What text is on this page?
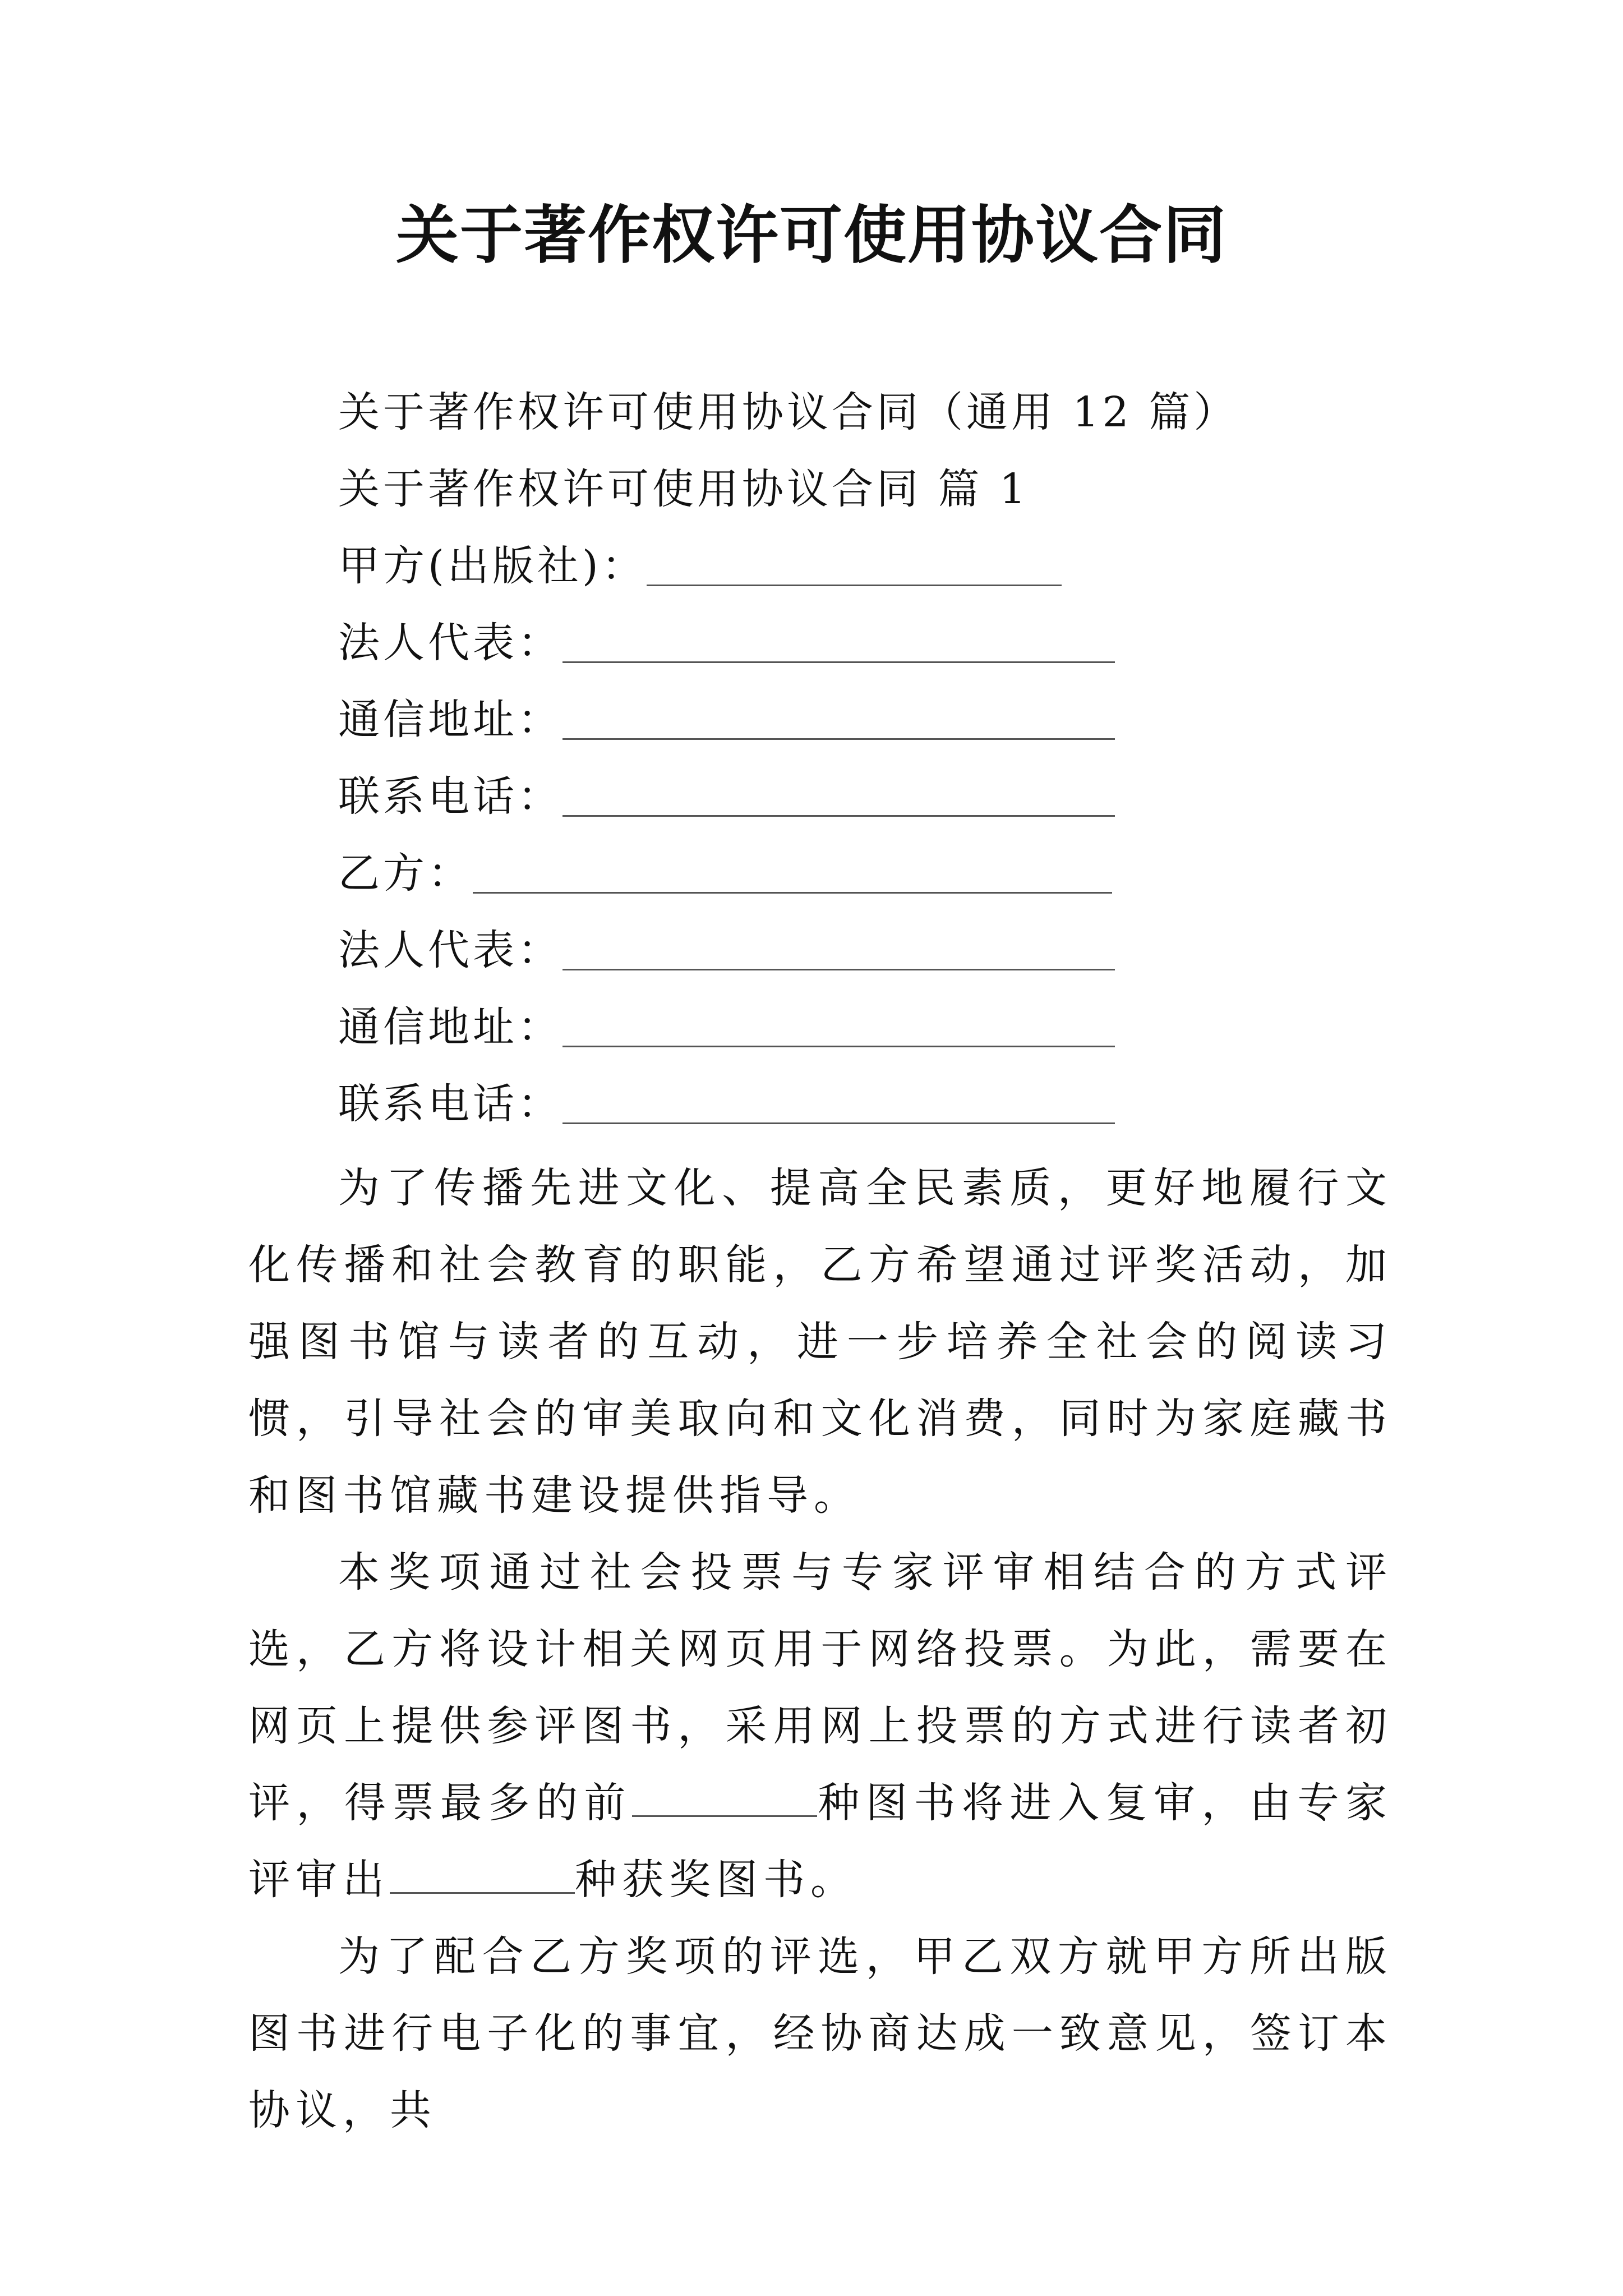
关于著作权许可使用协议合同
关于著作权许可使用协议合同（通用 12 篇）
关于著作权许可使用协议合同 篇 1
甲方(出版社)：
法人代表：
通信地址：
联系电话：
乙方：
法人代表：
通信地址：
联系电话：
为了传播先进文化、提高全民素质，更好地履行文化传播和社会教育的职能，乙方希望通过评奖活动，加强图书馆与读者的互动，进一步培养全社会的阅读习惯，引导社会的审美取向和文化消费，同时为家庭藏书和图书馆藏书建设提供指导。
本奖项通过社会投票与专家评审相结合的方式评选，乙方将设计相关网页用于网络投票。为此，需要在网页上提供参评图书，采用网上投票的方式进行读者初评，得票最多的前	种图书将进入复审，由专家评审出	种获奖图书。
为了配合乙方奖项的评选，甲乙双方就甲方所出版图书进行电子化的事宜，经协商达成一致意见，签订本协议，共
